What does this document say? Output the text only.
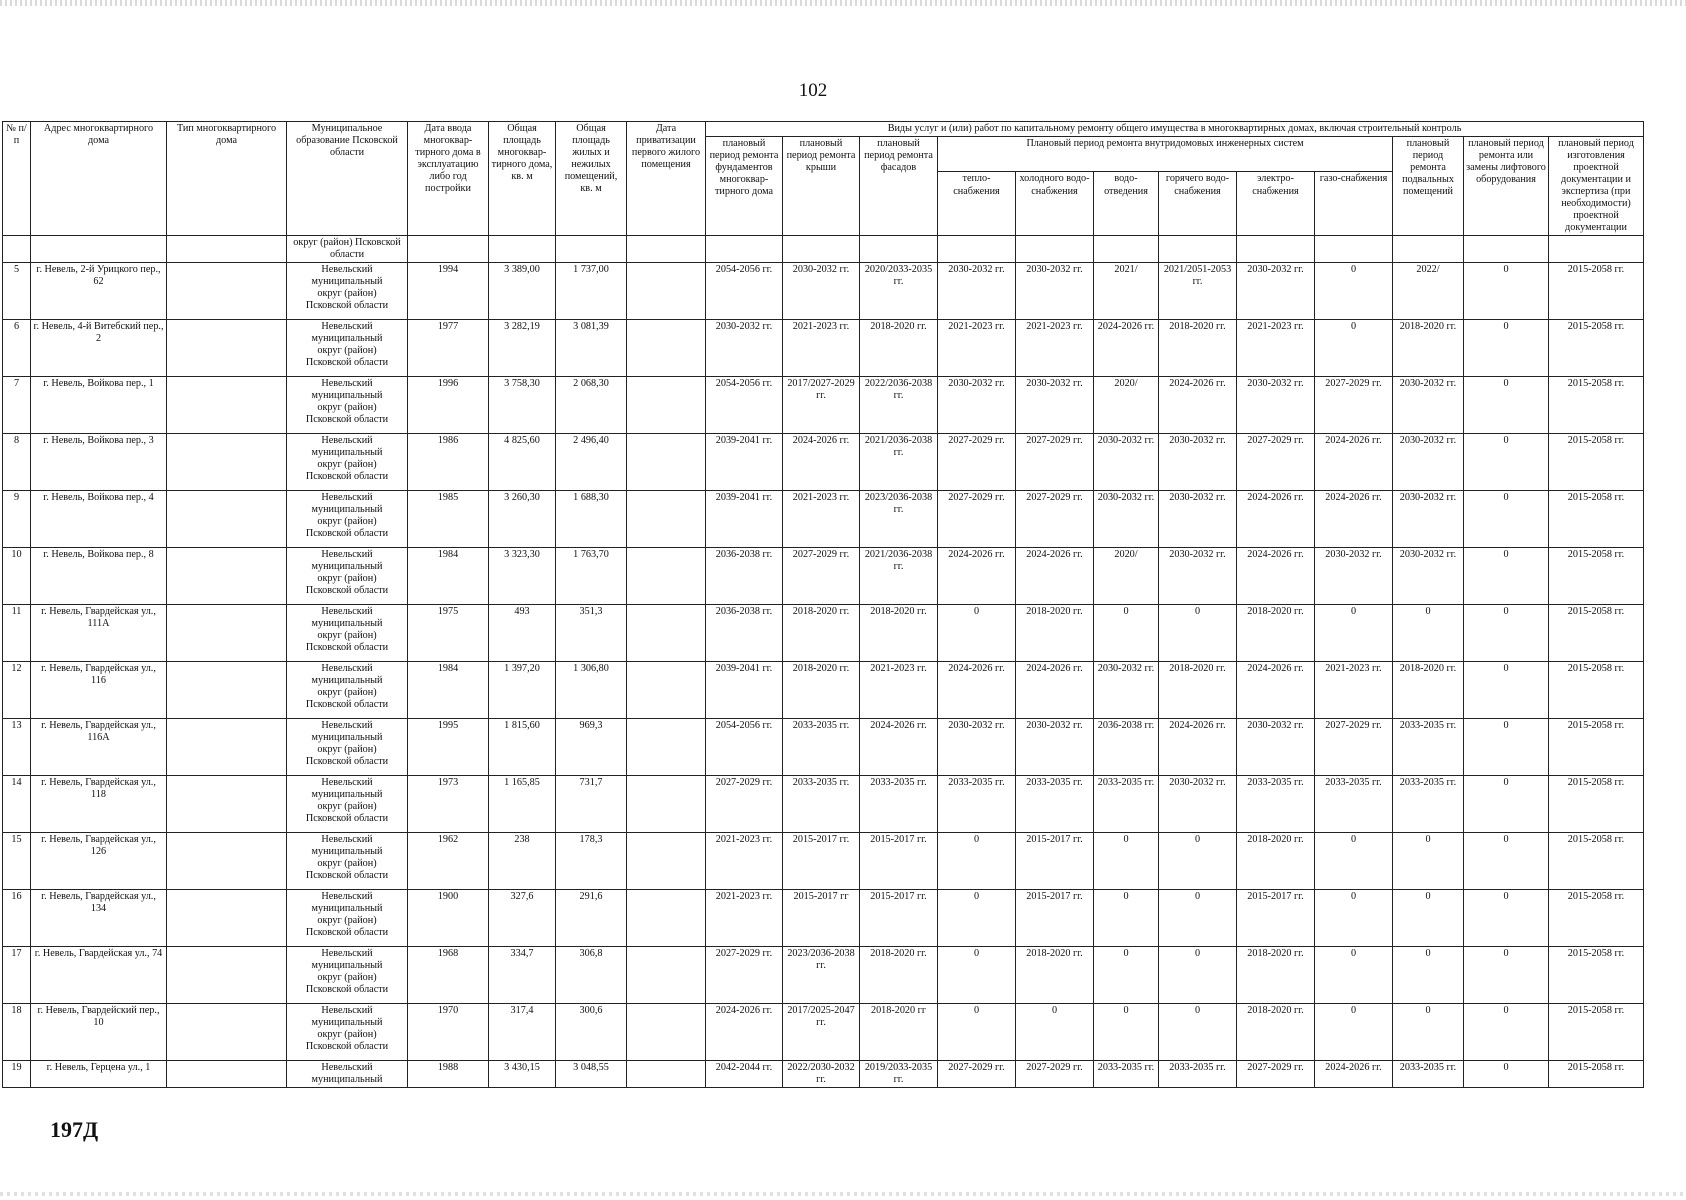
102
№ п/п	Адрес многоквартирного дома	Тип многоквартирного дома	Муниципальное образование Псковской области	Дата ввода многоквар-тирного дома в эксплуатацию либо год постройки	Общая площадь многоквар-тирного дома, кв. м	Общая площадь жилых и нежилых помещений, кв. м	Дата приватизации первого жилого помещения	Виды услуг и (или) работ по капитальному ремонту общего имущества в многоквартирных домах, включая строительный контроль											
								плановый период ремонта фундаментов многоквар-тирного дома	плановый период ремонта крыши	плановый период ремонта фасадов	Плановый период ремонта внутридомовых инженерных систем						плановый период ремонта подвальных помещений	плановый период ремонта или замены лифтового оборудования	плановый период изготовления проектной документации и экспертиза (при необходимости) проектной документации
											тепло-снабжения	холодного водо-снабжения	водо-отведения	горячего водо-снабжения	электро-снабжения	газо-снабжения			
			округ (район) Псковской области																
5	г. Невель, 2-й Урицкого пер., 62		Невельский
муниципальный
округ (район)
Псковской области	1994	3 389,00	1 737,00		2054-2056 гг.	2030-2032 гг.	2020/2033-2035 гг.	2030-2032 гг.	2030-2032 гг.	2021/	2021/2051-2053 гг.	2030-2032 гг.	0	2022/	0	2015-2058 гг.
6	г. Невель, 4-й Витебский пер., 2		Невельский
муниципальный
округ (район)
Псковской области	1977	3 282,19	3 081,39		2030-2032 гг.	2021-2023 гг.	2018-2020 гг.	2021-2023 гг.	2021-2023 гг.	2024-2026 гг.	2018-2020 гг.	2021-2023 гг.	0	2018-2020 гг.	0	2015-2058 гг.
7	г. Невель, Войкова пер., 1		Невельский
муниципальный
округ (район)
Псковской области	1996	3 758,30	2 068,30		2054-2056 гг.	2017/2027-2029 гг.	2022/2036-2038 гг.	2030-2032 гг.	2030-2032 гг.	2020/	2024-2026 гг.	2030-2032 гг.	2027-2029 гг.	2030-2032 гг.	0	2015-2058 гг.
8	г. Невель, Войкова пер., 3		Невельский
муниципальный
округ (район)
Псковской области	1986	4 825,60	2 496,40		2039-2041 гг.	2024-2026 гг.	2021/2036-2038 гг.	2027-2029 гг.	2027-2029 гг.	2030-2032 гг.	2030-2032 гг.	2027-2029 гг.	2024-2026 гг.	2030-2032 гг.	0	2015-2058 гг.
9	г. Невель, Войкова пер., 4		Невельский
муниципальный
округ (район)
Псковской области	1985	3 260,30	1 688,30		2039-2041 гг.	2021-2023 гг.	2023/2036-2038 гг.	2027-2029 гг.	2027-2029 гг.	2030-2032 гг.	2030-2032 гг.	2024-2026 гг.	2024-2026 гг.	2030-2032 гг.	0	2015-2058 гг.
10	г. Невель, Войкова пер., 8		Невельский
муниципальный
округ (район)
Псковской области	1984	3 323,30	1 763,70		2036-2038 гг.	2027-2029 гг.	2021/2036-2038 гг.	2024-2026 гг.	2024-2026 гг.	2020/	2030-2032 гг.	2024-2026 гг.	2030-2032 гг.	2030-2032 гг.	0	2015-2058 гг.
11	г. Невель, Гвардейская ул., 111А		Невельский
муниципальный
округ (район)
Псковской области	1975	493	351,3		2036-2038 гг.	2018-2020 гг.	2018-2020 гг.	0	2018-2020 гг.	0	0	2018-2020 гг.	0	0	0	2015-2058 гг.
12	г. Невель, Гвардейская ул., 116		Невельский
муниципальный
округ (район)
Псковской области	1984	1 397,20	1 306,80		2039-2041 гг.	2018-2020 гг.	2021-2023 гг.	2024-2026 гг.	2024-2026 гг.	2030-2032 гг.	2018-2020 гг.	2024-2026 гг.	2021-2023 гг.	2018-2020 гг.	0	2015-2058 гг.
13	г. Невель, Гвардейская ул., 116А		Невельский
муниципальный
округ (район)
Псковской области	1995	1 815,60	969,3		2054-2056 гг.	2033-2035 гг.	2024-2026 гг.	2030-2032 гг.	2030-2032 гг.	2036-2038 гг.	2024-2026 гг.	2030-2032 гг.	2027-2029 гг.	2033-2035 гг.	0	2015-2058 гг.
14	г. Невель, Гвардейская ул., 118		Невельский
муниципальный
округ (район)
Псковской области	1973	1 165,85	731,7		2027-2029 гг.	2033-2035 гг.	2033-2035 гг.	2033-2035 гг.	2033-2035 гг.	2033-2035 гг.	2030-2032 гг.	2033-2035 гг.	2033-2035 гг.	2033-2035 гг.	0	2015-2058 гг.
15	г. Невель, Гвардейская ул., 126		Невельский
муниципальный
округ (район)
Псковской области	1962	238	178,3		2021-2023 гг.	2015-2017 гг.	2015-2017 гг.	0	2015-2017 гг.	0	0	2018-2020 гг.	0	0	0	2015-2058 гг.
16	г. Невель, Гвардейская ул., 134		Невельский
муниципальный
округ (район)
Псковской области	1900	327,6	291,6		2021-2023 гг.	2015-2017 гг	2015-2017 гг.	0	2015-2017 гг.	0	0	2015-2017 гг.	0	0	0	2015-2058 гг.
17	г. Невель, Гвардейская ул., 74		Невельский
муниципальный
округ (район)
Псковской области	1968	334,7	306,8		2027-2029 гг.	2023/2036-2038 гг.	2018-2020 гг.	0	2018-2020 гг.	0	0	2018-2020 гг.	0	0	0	2015-2058 гг.
18	г. Невель, Гвардейский пер., 10		Невельский
муниципальный
округ (район)
Псковской области	1970	317,4	300,6		2024-2026 гг.	2017/2025-2047 гг.	2018-2020 гг	0	0	0	0	2018-2020 гг.	0	0	0	2015-2058 гг.
19	г. Невель, Герцена ул., 1		Невельский
муниципальный	1988	3 430,15	3 048,55		2042-2044 гг.	2022/2030-2032 гг.	2019/2033-2035 гг.	2027-2029 гг.	2027-2029 гг.	2033-2035 гг.	2033-2035 гг.	2027-2029 гг.	2024-2026 гг.	2033-2035 гг.	0	2015-2058 гг.
197Д
